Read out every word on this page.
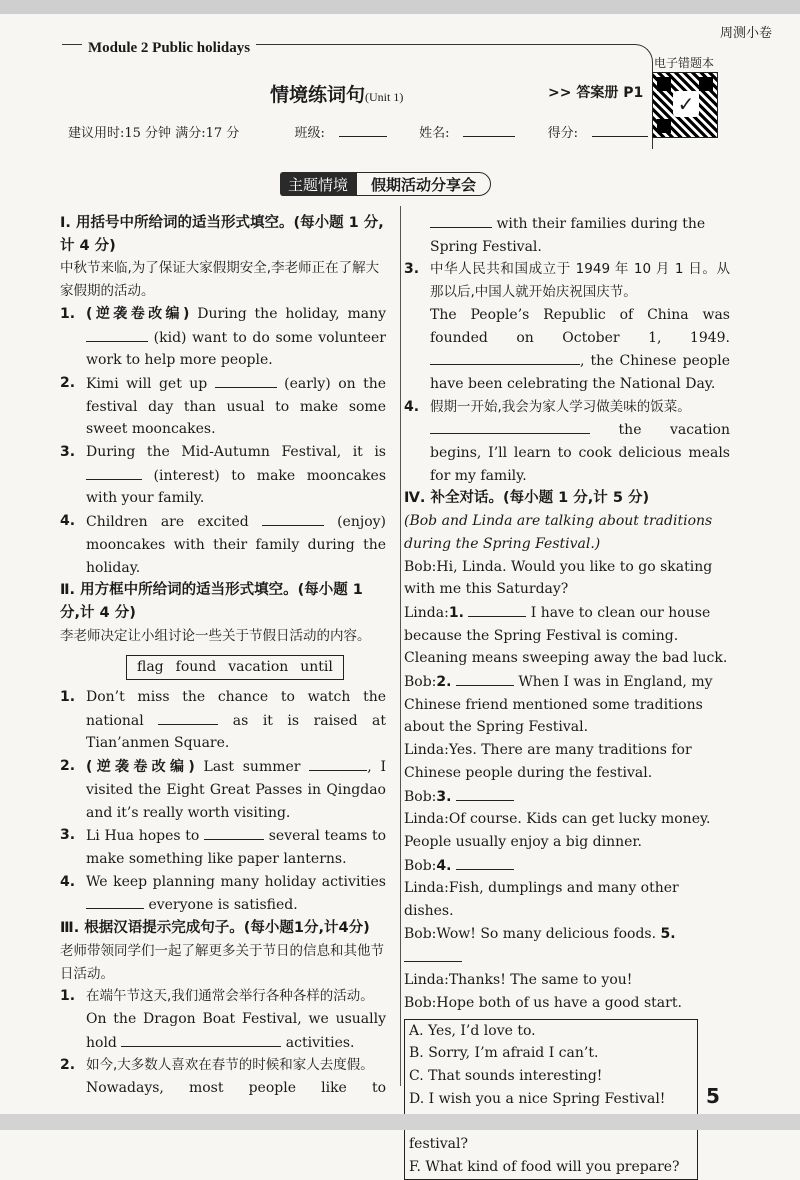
周测小卷
Module 2 Public holidays
电子错题本
✓
情境练词句(Unit 1)	>> 答案册 P1
建议用时:15 分钟 满分:17 分	班级:	姓名:	得分:
主题情境	假期活动分享会
Ⅰ. 用括号中所给词的适当形式填空。(每小题 1 分,计 4 分)
中秋节来临,为了保证大家假期安全,李老师正在了解大家假期的活动。
1. (逆袭卷改编) During the holiday, many  (kid) want to do some volunteer work to help more people.
2. Kimi will get up	(early) on the festival day than usual to make some sweet mooncakes.
3. During the Mid-Autumn Festival, it is  (interest) to make mooncakes with your family.
4. Children are excited	(enjoy) mooncakes with their family during the holiday.
Ⅱ. 用方框中所给词的适当形式填空。(每小题 1 分,计 4 分)
李老师决定让小组讨论一些关于节假日活动的内容。
flag found vacation until
1. Don’t miss the chance to watch the national	as it is raised at Tian’anmen Square.
2. (逆袭卷改编) Last summer	, I visited the Eight Great Passes in Qingdao and it’s really worth visiting.
3. Li Hua hopes to	several teams to make something like paper lanterns.
4. We keep planning many holiday activities  everyone is satisfied.
Ⅲ. 根据汉语提示完成句子。(每小题1分,计4分)
老师带领同学们一起了解更多关于节日的信息和其他节日活动。
1. 在端午节这天,我们通常会举行各种各样的活动。
On the Dragon Boat Festival, we usually hold	activities.
2. 如今,大多数人喜欢在春节的时候和家人去度假。
Nowadays, most people like to
with their families during the Spring Festival.
3. 中华人民共和国成立于 1949 年 10 月 1 日。从那以后,中国人就开始庆祝国庆节。
The People’s Republic of China was founded on October 1, 1949. , the Chinese people have been celebrating the National Day.
4. 假期一开始,我会为家人学习做美味的饭菜。
the vacation begins, I’ll learn to cook delicious meals for my family.
Ⅳ. 补全对话。(每小题 1 分,计 5 分)
(Bob and Linda are talking about traditions during the Spring Festival.)
Bob:Hi, Linda. Would you like to go skating with me this Saturday?
Linda:1.	I have to clean our house because the Spring Festival is coming. Cleaning means sweeping away the bad luck.
Bob:2.	When I was in England, my Chinese friend mentioned some traditions about the Spring Festival.
Linda:Yes. There are many traditions for Chinese people during the festival.
Bob:3.
Linda:Of course. Kids can get lucky money. People usually enjoy a big dinner.
Bob:4.
Linda:Fish, dumplings and many other dishes.
Bob:Wow! So many delicious foods. 5.
Linda:Thanks! The same to you!
Bob:Hope both of us have a good start.
A. Yes, I’d love to.
B. Sorry, I’m afraid I can’t.
C. That sounds interesting!
D. I wish you a nice Spring Festival!
festival?
F. What kind of food will you prepare?
5
